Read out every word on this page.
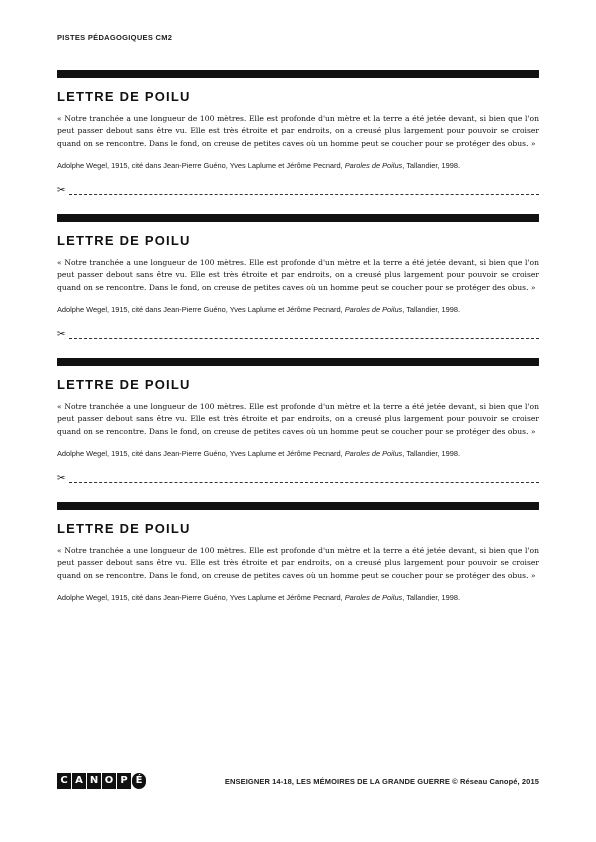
PISTES PÉDAGOGIQUES CM2
LETTRE DE POILU
« Notre tranchée a une longueur de 100 mètres. Elle est profonde d'un mètre et la terre a été jetée devant, si bien que l'on peut passer debout sans être vu. Elle est très étroite et par endroits, on a creusé plus largement pour pouvoir se croiser quand on se rencontre. Dans le fond, on creuse de petites caves où un homme peut se coucher pour se protéger des obus. »
Adolphe Wegel, 1915, cité dans Jean-Pierre Guéno, Yves Laplume et Jérôme Pecnard, Paroles de Poilus, Tallandier, 1998.
✂
LETTRE DE POILU
« Notre tranchée a une longueur de 100 mètres. Elle est profonde d'un mètre et la terre a été jetée devant, si bien que l'on peut passer debout sans être vu. Elle est très étroite et par endroits, on a creusé plus largement pour pouvoir se croiser quand on se rencontre. Dans le fond, on creuse de petites caves où un homme peut se coucher pour se protéger des obus. »
Adolphe Wegel, 1915, cité dans Jean-Pierre Guéno, Yves Laplume et Jérôme Pecnard, Paroles de Poilus, Tallandier, 1998.
✂
LETTRE DE POILU
« Notre tranchée a une longueur de 100 mètres. Elle est profonde d'un mètre et la terre a été jetée devant, si bien que l'on peut passer debout sans être vu. Elle est très étroite et par endroits, on a creusé plus largement pour pouvoir se croiser quand on se rencontre. Dans le fond, on creuse de petites caves où un homme peut se coucher pour se protéger des obus. »
Adolphe Wegel, 1915, cité dans Jean-Pierre Guéno, Yves Laplume et Jérôme Pecnard, Paroles de Poilus, Tallandier, 1998.
✂
LETTRE DE POILU
« Notre tranchée a une longueur de 100 mètres. Elle est profonde d'un mètre et la terre a été jetée devant, si bien que l'on peut passer debout sans être vu. Elle est très étroite et par endroits, on a creusé plus largement pour pouvoir se croiser quand on se rencontre. Dans le fond, on creuse de petites caves où un homme peut se coucher pour se protéger des obus. »
Adolphe Wegel, 1915, cité dans Jean-Pierre Guéno, Yves Laplume et Jérôme Pecnard, Paroles de Poilus, Tallandier, 1998.
C A N O P É	ENSEIGNER 14-18, LES MÉMOIRES DE LA GRANDE GUERRE © Réseau Canopé, 2015
